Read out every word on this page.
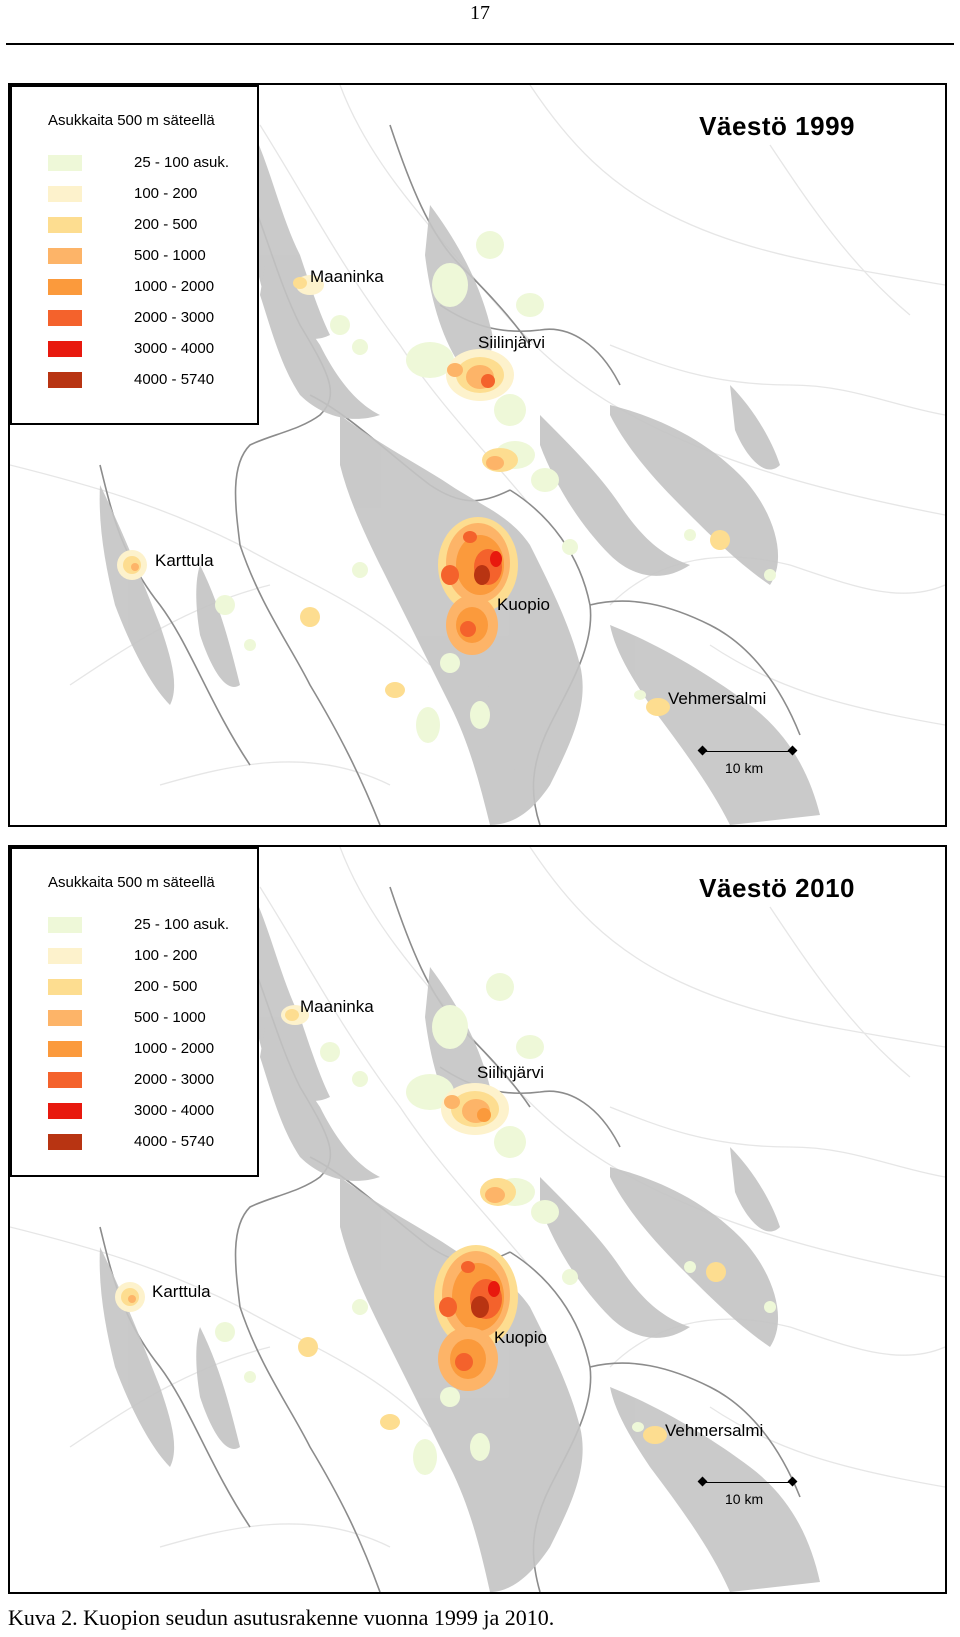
17
Asukkaita 500 m säteellä
25 - 100 asuk.
100 - 200
200 - 500
500 - 1000
1000 - 2000
2000 - 3000
3000 - 4000
4000 - 5740
Väestö 1999
Maaninka
Siilinjärvi
Karttula
Kuopio
Vehmersalmi
10 km
Asukkaita 500 m säteellä
25 - 100 asuk.
100 - 200
200 - 500
500 - 1000
1000 - 2000
2000 - 3000
3000 - 4000
4000 - 5740
Väestö 2010
Maaninka
Siilinjärvi
Karttula
Kuopio
Vehmersalmi
10 km
Kuva 2. Kuopion seudun asutusrakenne vuonna 1999 ja 2010.
